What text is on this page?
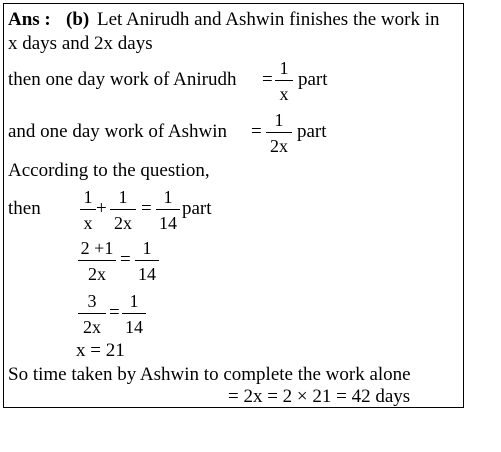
Ans : (b) Let Anirudh and Ashwin finishes the work in
x days and 2x days
then one day work of Anirudh =
1
x
part
and one day work of Ashwin =
1
2x
part
According to the question,
then
1
x
+
1
2x
=
1
14
part
2 +1
2x
=
1
14
3
2x
=
1
14
x = 21
So time taken by Ashwin to complete the work alone
= 2x = 2 × 21 = 42 days
